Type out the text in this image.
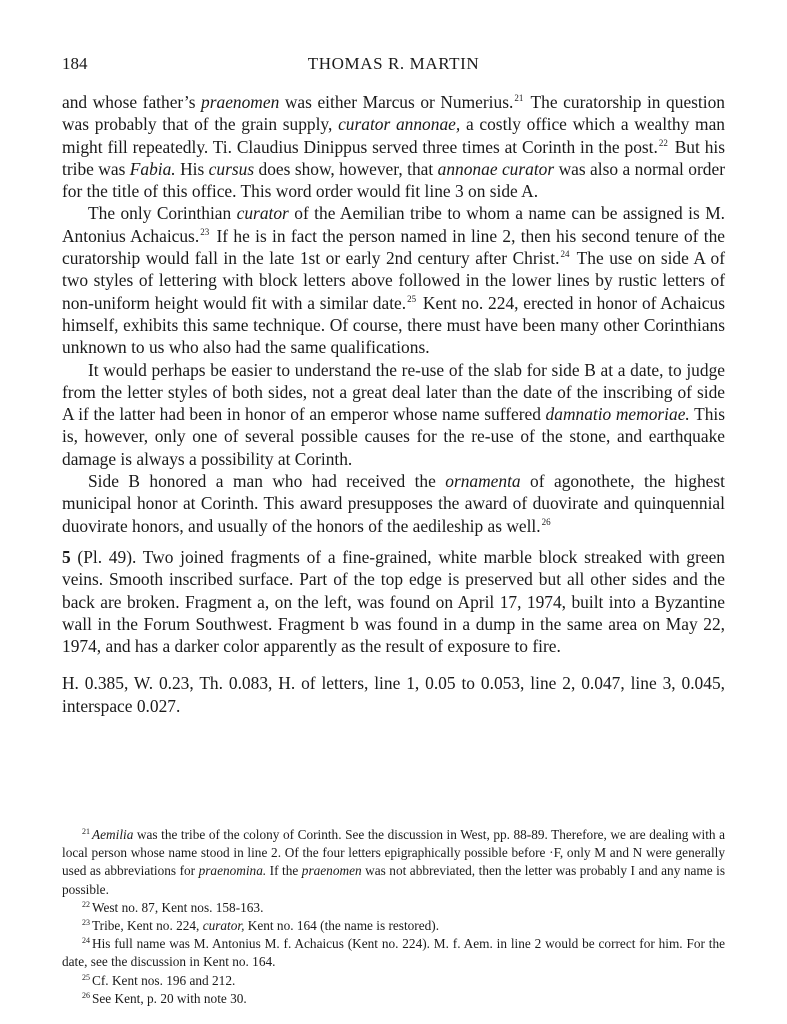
184	THOMAS R. MARTIN

and whose father’s praenomen was either Marcus or Numerius.$^{21}$ The curatorship in question was probably that of the grain supply, curator annonae, a costly office which a wealthy man might fill repeatedly. Ti. Claudius Dinippus served three times at Corinth in the post.$^{22}$ But his tribe was Fabia. His cursus does show, however, that annonae curator was also a normal order for the title of this office. This word order would fit line 3 on side A.

The only Corinthian curator of the Aemilian tribe to whom a name can be assigned is M. Antonius Achaicus.$^{23}$ If he is in fact the person named in line 2, then his second tenure of the curatorship would fall in the late 1st or early 2nd century after Christ.$^{24}$ The use on side A of two styles of lettering with block letters above followed in the lower lines by rustic letters of non-uniform height would fit with a similar date.$^{25}$ Kent no. 224, erected in honor of Achaicus himself, exhibits this same technique. Of course, there must have been many other Corinthians unknown to us who also had the same qualifications.

It would perhaps be easier to understand the re-use of the slab for side B at a date, to judge from the letter styles of both sides, not a great deal later than the date of the inscribing of side A if the latter had been in honor of an emperor whose name suffered damnatio memoriae. This is, however, only one of several possible causes for the re-use of the stone, and earthquake damage is always a possibility at Corinth.

Side B honored a man who had received the ornamenta of agonothete, the highest municipal honor at Corinth. This award presupposes the award of duovirate and quinquennial duovirate honors, and usually of the honors of the aedileship as well.$^{26}$

5 (Pl. 49). Two joined fragments of a fine-grained, white marble block streaked with green veins. Smooth inscribed surface. Part of the top edge is preserved but all other sides and the back are broken. Fragment a, on the left, was found on April 17, 1974, built into a Byzantine wall in the Forum Southwest. Fragment b was found in a dump in the same area on May 22, 1974, and has a darker color apparently as the result of exposure to fire.

H. 0.385, W. 0.23, Th. 0.083, H. of letters, line 1, 0.05 to 0.053, line 2, 0.047, line 3, 0.045, interspace 0.027.

$^{21}$ Aemilia was the tribe of the colony of Corinth. See the discussion in West, pp. 88-89. Therefore, we are dealing with a local person whose name stood in line 2. Of the four letters epigraphically possible before ·F, only M and N were generally used as abbreviations for praenomina. If the praenomen was not abbreviated, then the letter was probably I and any name is possible.

$^{22}$ West no. 87, Kent nos. 158-163.

$^{23}$ Tribe, Kent no. 224, curator, Kent no. 164 (the name is restored).

$^{24}$ His full name was M. Antonius M. f. Achaicus (Kent no. 224). M. f. Aem. in line 2 would be correct for him. For the date, see the discussion in Kent no. 164.

$^{25}$ Cf. Kent nos. 196 and 212.

$^{26}$ See Kent, p. 20 with note 30.
